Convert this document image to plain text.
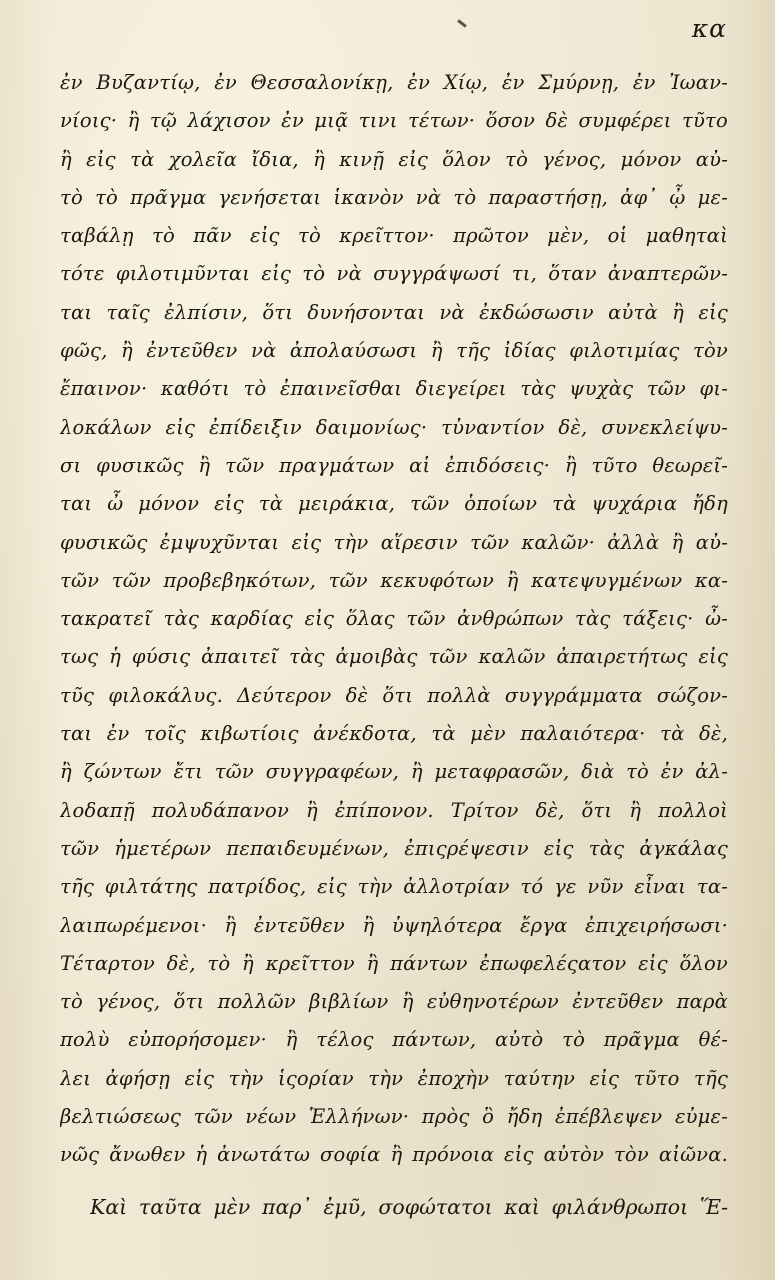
κα
ἐν Βυζαντίῳ, ἐν Θεσσαλονίκῃ, ἐν Χίῳ, ἐν Σμύρνῃ, ἐν Ἰωαν-
νίοις· ἢ τῷ λάχισον ἐν μιᾷ τινι τέτων· ὅσον δὲ συμφέρει τῦτο
ἢ εἰς τὰ χολεῖα ἴδια, ἢ κινῇ εἰς ὅλον τὸ γένος, μόνον αὐ-
τὸ τὸ πρᾶγμα γενήσεται ἱκανὸν νὰ τὸ παραστήσῃ, ἀφ᾽ ᾦ με-
ταβάλῃ τὸ πᾶν εἰς τὸ κρεῖττον· πρῶτον μὲν, οἱ μαθηταὶ
τότε φιλοτιμῦνται εἰς τὸ νὰ συγγράψωσί τι, ὅταν ἀναπτερῶν-
ται ταῖς ἐλπίσιν, ὅτι δυνήσονται νὰ ἐκδώσωσιν αὐτὰ ἢ εἰς
φῶς, ἢ ἐντεῦθεν νὰ ἀπολαύσωσι ἢ τῆς ἰδίας φιλοτιμίας τὸν
ἔπαινον· καθότι τὸ ἐπαινεῖσθαι διεγείρει τὰς ψυχὰς τῶν φι-
λοκάλων εἰς ἐπίδειξιν δαιμονίως· τὐναντίον δὲ, συνεκλείψυ-
σι φυσικῶς ἢ τῶν πραγμάτων αἱ ἐπιδόσεις· ἢ τῦτο θεωρεῖ-
ται ὦ μόνον εἰς τὰ μειράκια, τῶν ὁποίων τὰ ψυχάρια ἤδη
φυσικῶς ἐμψυχῦνται εἰς τὴν αἵρεσιν τῶν καλῶν· ἀλλὰ ἢ αὐ-
τῶν τῶν προβεβηκότων, τῶν κεκυφότων ἢ κατεψυγμένων κα-
τακρατεῖ τὰς καρδίας εἰς ὅλας τῶν ἀνθρώπων τὰς τάξεις· ὦ-
τως ἡ φύσις ἀπαιτεῖ τὰς ἀμοιβὰς τῶν καλῶν ἀπαιρετήτως εἰς
τῦς φιλοκάλυς. Δεύτερον δὲ ὅτι πολλὰ συγγράμματα σώζον-
ται ἐν τοῖς κιβωτίοις ἀνέκδοτα, τὰ μὲν παλαιότερα· τὰ δὲ,
ἢ ζώντων ἔτι τῶν συγγραφέων, ἢ μεταφρασῶν, διὰ τὸ ἐν ἀλ-
λοδαπῇ πολυδάπανον ἢ ἐπίπονον. Τρίτον δὲ, ὅτι ἢ πολλοὶ
τῶν ἡμετέρων πεπαιδευμένων, ἐπιςρέψεσιν εἰς τὰς ἀγκάλας
τῆς φιλτάτης πατρίδος, εἰς τὴν ἀλλοτρίαν τό γε νῦν εἶναι τα-
λαιπωρέμενοι· ἢ ἐντεῦθεν ἢ ὑψηλότερα ἔργα ἐπιχειρήσωσι·
Τέταρτον δὲ, τὸ ἢ κρεῖττον ἢ πάντων ἐπωφελέςατον εἰς ὅλον
τὸ γένος, ὅτι πολλῶν βιβλίων ἢ εὐθηνοτέρων ἐντεῦθεν παρὰ
πολὺ εὐπορήσομεν· ἢ τέλος πάντων, αὐτὸ τὸ πρᾶγμα θέ-
λει ἀφήσῃ εἰς τὴν ἱςορίαν τὴν ἐποχὴν ταύτην εἰς τῦτο τῆς
βελτιώσεως τῶν νέων Ἑλλήνων· πρὸς ὃ ἤδη ἐπέβλεψεν εὐμε-
νῶς ἄνωθεν ἡ ἀνωτάτω σοφία ἢ πρόνοια εἰς αὐτὸν τὸν αἰῶνα.
Καὶ ταῦτα μὲν παρ᾽ ἐμῦ, σοφώτατοι καὶ φιλάνθρωποι Ἕ-
